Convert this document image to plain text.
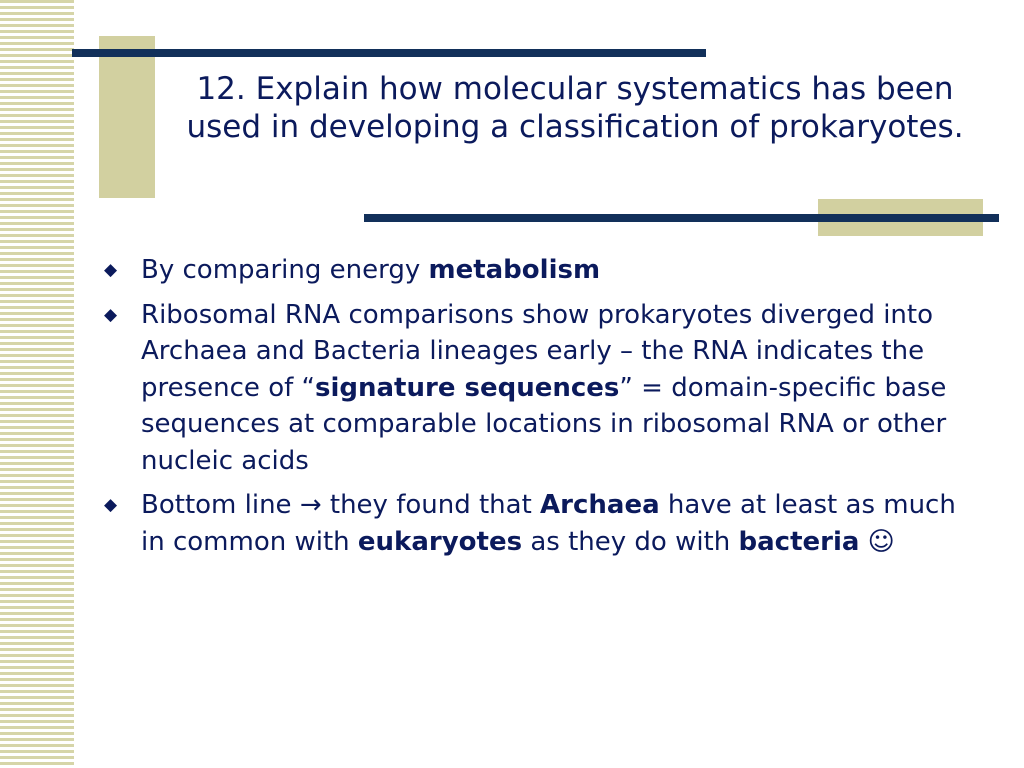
12. Explain how molecular systematics has been used in developing a classification of prokaryotes.
◆ By comparing energy metabolism
◆ Ribosomal RNA comparisons show prokaryotes diverged into Archaea and Bacteria lineages early – the RNA indicates the presence of “signature sequences” = domain-specific base sequences at comparable locations in ribosomal RNA or other nucleic acids
◆ Bottom line → they found that Archaea have at least as much in common with eukaryotes as they do with bacteria ☺
